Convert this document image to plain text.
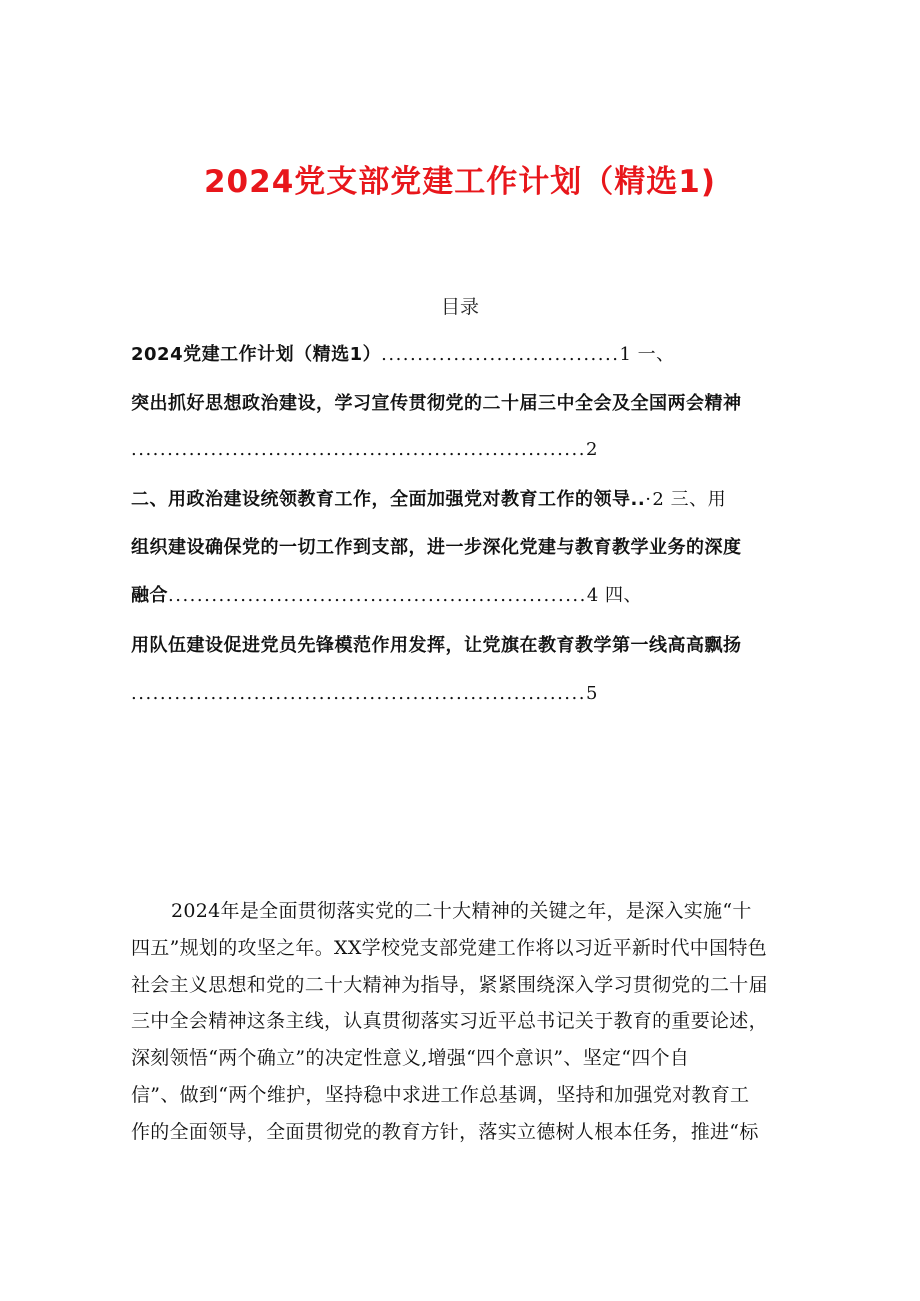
2024党支部党建工作计划（精选1)
目录
2024党建工作计划（精选1）.................................1 一、
突出抓好思想政治建设，学习宣传贯彻党的二十届三中全会及全国两会精神
...............................................................2
二、用政治建设统领教育工作，全面加强党对教育工作的领导..·2 三、用
组织建设确保党的一切工作到支部，进一步深化党建与教育教学业务的深度
融合..........................................................4 四、
用队伍建设促进党员先锋模范作用发挥，让党旗在教育教学第一线高高飘扬
...............................................................5
2024年是全面贯彻落实党的二十大精神的关键之年，是深入实施“十
四五”规划的攻坚之年。XX学校党支部党建工作将以习近平新时代中国特色
社会主义思想和党的二十大精神为指导，紧紧围绕深入学习贯彻党的二十届
三中全会精神这条主线，认真贯彻落实习近平总书记关于教育的重要论述，
深刻领悟“两个确立”的决定性意义,增强“四个意识”、坚定“四个自
信”、做到“两个维护，坚持稳中求进工作总基调，坚持和加强党对教育工
作的全面领导，全面贯彻党的教育方针，落实立德树人根本任务，推进“标
